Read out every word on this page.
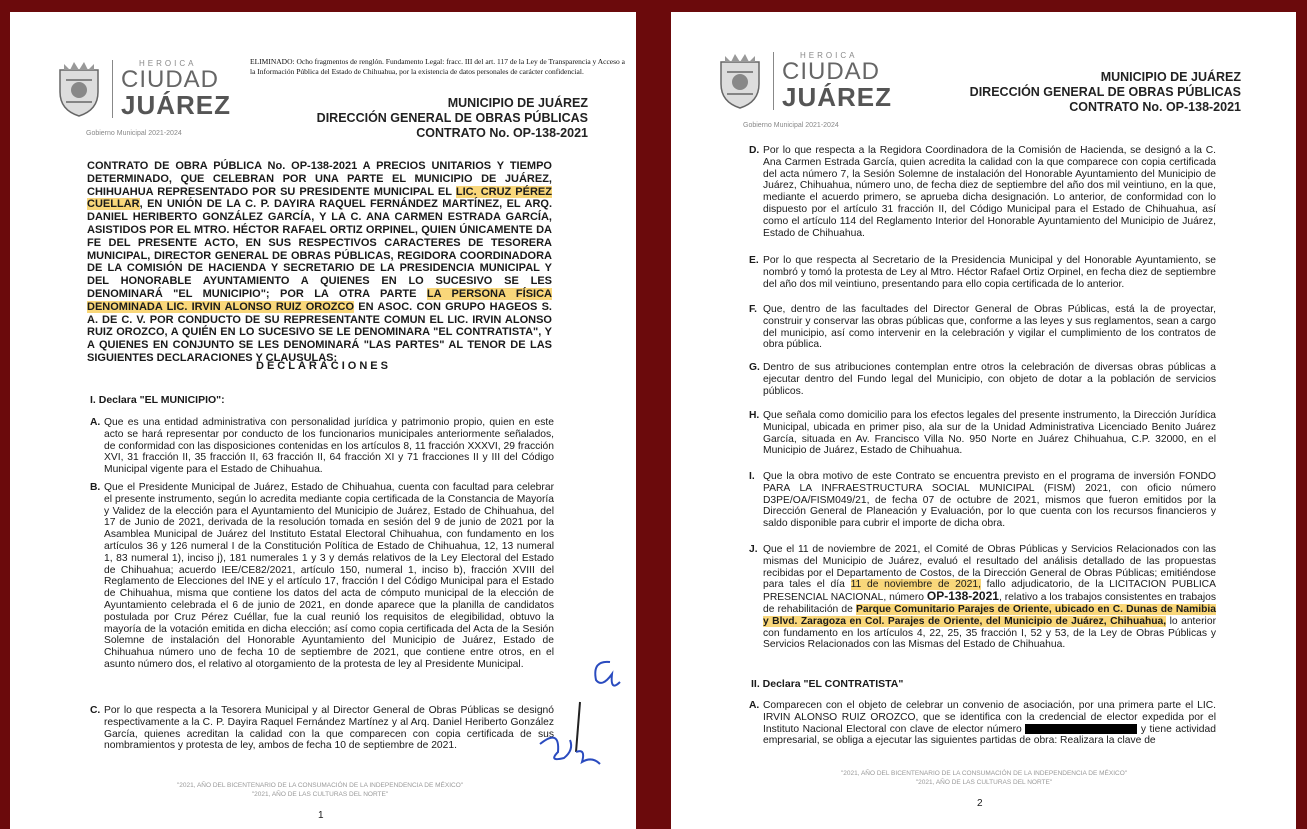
HEROICA
CIUDAD
JUÁREZ
Gobierno Municipal 2021-2024
ELIMINADO: Ocho fragmentos de renglón. Fundamento Legal: fracc. III del art. 117 de la Ley de Transparencia y Acceso a la Información Pública del Estado de Chihuahua, por la existencia de datos personales de carácter confidencial.
MUNICIPIO DE JUÁREZ
DIRECCIÓN GENERAL DE OBRAS PÚBLICAS
CONTRATO No. OP-138-2021
CONTRATO DE OBRA PÚBLICA No. OP-138-2021 A PRECIOS UNITARIOS Y TIEMPO DETERMINADO, QUE CELEBRAN POR UNA PARTE EL MUNICIPIO DE JUÁREZ, CHIHUAHUA REPRESENTADO POR SU PRESIDENTE MUNICIPAL EL LIC. CRUZ PÉREZ CUELLAR, EN UNIÓN DE LA C. P. DAYIRA RAQUEL FERNÁNDEZ MARTÍNEZ, EL ARQ. DANIEL HERIBERTO GONZÁLEZ GARCÍA, Y LA C. ANA CARMEN ESTRADA GARCÍA, ASISTIDOS POR EL MTRO. HÉCTOR RAFAEL ORTIZ ORPINEL, QUIEN ÚNICAMENTE DA FE DEL PRESENTE ACTO, EN SUS RESPECTIVOS CARACTERES DE TESORERA MUNICIPAL, DIRECTOR GENERAL DE OBRAS PÚBLICAS, REGIDORA COORDINADORA DE LA COMISIÓN DE HACIENDA Y SECRETARIO DE LA PRESIDENCIA MUNICIPAL Y DEL HONORABLE AYUNTAMIENTO A QUIENES EN LO SUCESIVO SE LES DENOMINARÁ "EL MUNICIPIO"; POR LA OTRA PARTE LA PERSONA FÍSICA DENOMINADA LIC. IRVIN ALONSO RUIZ OROZCO EN ASOC. CON GRUPO HAGEOS S. A. DE C. V. POR CONDUCTO DE SU REPRESENTANTE COMUN EL LIC. IRVIN ALONSO RUIZ OROZCO, A QUIÉN EN LO SUCESIVO SE LE DENOMINARA "EL CONTRATISTA", Y A QUIENES EN CONJUNTO SE LES DENOMINARÁ "LAS PARTES" AL TENOR DE LAS SIGUIENTES DECLARACIONES Y CLAUSULAS:
DECLARACIONES
I. Declara "EL MUNICIPIO":
A. Que es una entidad administrativa con personalidad jurídica y patrimonio propio, quien en este acto se hará representar por conducto de los funcionarios municipales anteriormente señalados, de conformidad con las disposiciones contenidas en los artículos 8, 11 fracción XXXVI, 29 fracción XVI, 31 fracción II, 35 fracción II, 63 fracción II, 64 fracción XI y 71 fracciones II y III del Código Municipal vigente para el Estado de Chihuahua.
B. Que el Presidente Municipal de Juárez, Estado de Chihuahua, cuenta con facultad para celebrar el presente instrumento, según lo acredita mediante copia certificada de la Constancia de Mayoría y Validez de la elección para el Ayuntamiento del Municipio de Juárez, Estado de Chihuahua, del 17 de Junio de 2021, derivada de la resolución tomada en sesión del 9 de junio de 2021 por la Asamblea Municipal de Juárez del Instituto Estatal Electoral Chihuahua, con fundamento en los artículos 36 y 126 numeral I de la Constitución Política de Estado de Chihuahua, 12, 13 numeral 1, 83 numeral 1), inciso j), 181 numerales 1 y 3 y demás relativos de la Ley Electoral del Estado de Chihuahua; acuerdo IEE/CE82/2021, artículo 150, numeral 1, inciso b), fracción XVIII del Reglamento de Elecciones del INE y el artículo 17, fracción I del Código Municipal para el Estado de Chihuahua, misma que contiene los datos del acta de cómputo municipal de la elección de Ayuntamiento celebrada el 6 de junio de 2021, en donde aparece que la planilla de candidatos postulada por Cruz Pérez Cuéllar, fue la cual reunió los requisitos de elegibilidad, obtuvo la mayoría de la votación emitida en dicha elección; así como copia certificada del Acta de la Sesión Solemne de instalación del Honorable Ayuntamiento del Municipio de Juárez, Estado de Chihuahua número uno de fecha 10 de septiembre de 2021, que contiene entre otros, en el asunto número dos, el relativo al otorgamiento de la protesta de ley al Presidente Municipal.
C. Por lo que respecta a la Tesorera Municipal y al Director General de Obras Públicas se designó respectivamente a la C. P. Dayira Raquel Fernández Martínez y al Arq. Daniel Heriberto González García, quienes acreditan la calidad con la que comparecen con copia certificada de sus nombramientos y protesta de ley, ambos de fecha 10 de septiembre de 2021.
"2021, AÑO DEL BICENTENARIO DE LA CONSUMACIÓN DE LA INDEPENDENCIA DE MÉXICO"
"2021, AÑO DE LAS CULTURAS DEL NORTE"
1
HEROICA
CIUDAD
JUÁREZ
Gobierno Municipal 2021-2024
MUNICIPIO DE JUÁREZ
DIRECCIÓN GENERAL DE OBRAS PÚBLICAS
CONTRATO No. OP-138-2021
D. Por lo que respecta a la Regidora Coordinadora de la Comisión de Hacienda, se designó a la C. Ana Carmen Estrada García, quien acredita la calidad con la que comparece con copia certificada del acta número 7, la Sesión Solemne de instalación del Honorable Ayuntamiento del Municipio de Juárez, Chihuahua, número uno, de fecha diez de septiembre del año dos mil veintiuno, en la que, mediante el acuerdo primero, se aprueba dicha designación. Lo anterior, de conformidad con lo dispuesto por el artículo 31 fracción II, del Código Municipal para el Estado de Chihuahua, así como el artículo 114 del Reglamento Interior del Honorable Ayuntamiento del Municipio de Juárez, Estado de Chihuahua.
E. Por lo que respecta al Secretario de la Presidencia Municipal y del Honorable Ayuntamiento, se nombró y tomó la protesta de Ley al Mtro. Héctor Rafael Ortiz Orpinel, en fecha diez de septiembre del año dos mil veintiuno, presentando para ello copia certificada de lo anterior.
F. Que, dentro de las facultades del Director General de Obras Públicas, está la de proyectar, construir y conservar las obras públicas que, conforme a las leyes y sus reglamentos, sean a cargo del municipio, así como intervenir en la celebración y vigilar el cumplimiento de los contratos de obra pública.
G. Dentro de sus atribuciones contemplan entre otros la celebración de diversas obras públicas a ejecutar dentro del Fundo legal del Municipio, con objeto de dotar a la población de servicios públicos.
H. Que señala como domicilio para los efectos legales del presente instrumento, la Dirección Jurídica Municipal, ubicada en primer piso, ala sur de la Unidad Administrativa Licenciado Benito Juárez García, situada en Av. Francisco Villa No. 950 Norte en Juárez Chihuahua, C.P. 32000, en el Municipio de Juárez, Estado de Chihuahua.
I. Que la obra motivo de este Contrato se encuentra previsto en el programa de inversión FONDO PARA LA INFRAESTRUCTURA SOCIAL MUNICIPAL (FISM) 2021, con oficio número D3PE/OA/FISM049/21, de fecha 07 de octubre de 2021, mismos que fueron emitidos por la Dirección General de Planeación y Evaluación, por lo que cuenta con los recursos financieros y saldo disponible para cubrir el importe de dicha obra.
J. Que el 11 de noviembre de 2021, el Comité de Obras Públicas y Servicios Relacionados con las mismas del Municipio de Juárez, evaluó el resultado del análisis detallado de las propuestas recibidas por el Departamento de Costos, de la Dirección General de Obras Públicas; emitiéndose para tales el día 11 de noviembre de 2021, fallo adjudicatorio, de la LICITACION PUBLICA PRESENCIAL NACIONAL, número OP-138-2021, relativo a los trabajos consistentes en trabajos de rehabilitación de Parque Comunitario Parajes de Oriente, ubicado en C. Dunas de Namibia y Blvd. Zaragoza en Col. Parajes de Oriente, del Municipio de Juárez, Chihuahua, lo anterior con fundamento en los artículos 4, 22, 25, 35 fracción I, 52 y 53, de la Ley de Obras Públicas y Servicios Relacionados con las Mismas del Estado de Chihuahua.
II. Declara "EL CONTRATISTA"
A. Comparecen con el objeto de celebrar un convenio de asociación, por una primera parte el LIC. IRVIN ALONSO RUIZ OROZCO, que se identifica con la credencial de elector expedida por el Instituto Nacional Electoral con clave de elector número	y tiene actividad empresarial, se obliga a ejecutar las siguientes partidas de obra: Realizara la clave de
"2021, AÑO DEL BICENTENARIO DE LA CONSUMACIÓN DE LA INDEPENDENCIA DE MÉXICO"
"2021, AÑO DE LAS CULTURAS DEL NORTE"
2
